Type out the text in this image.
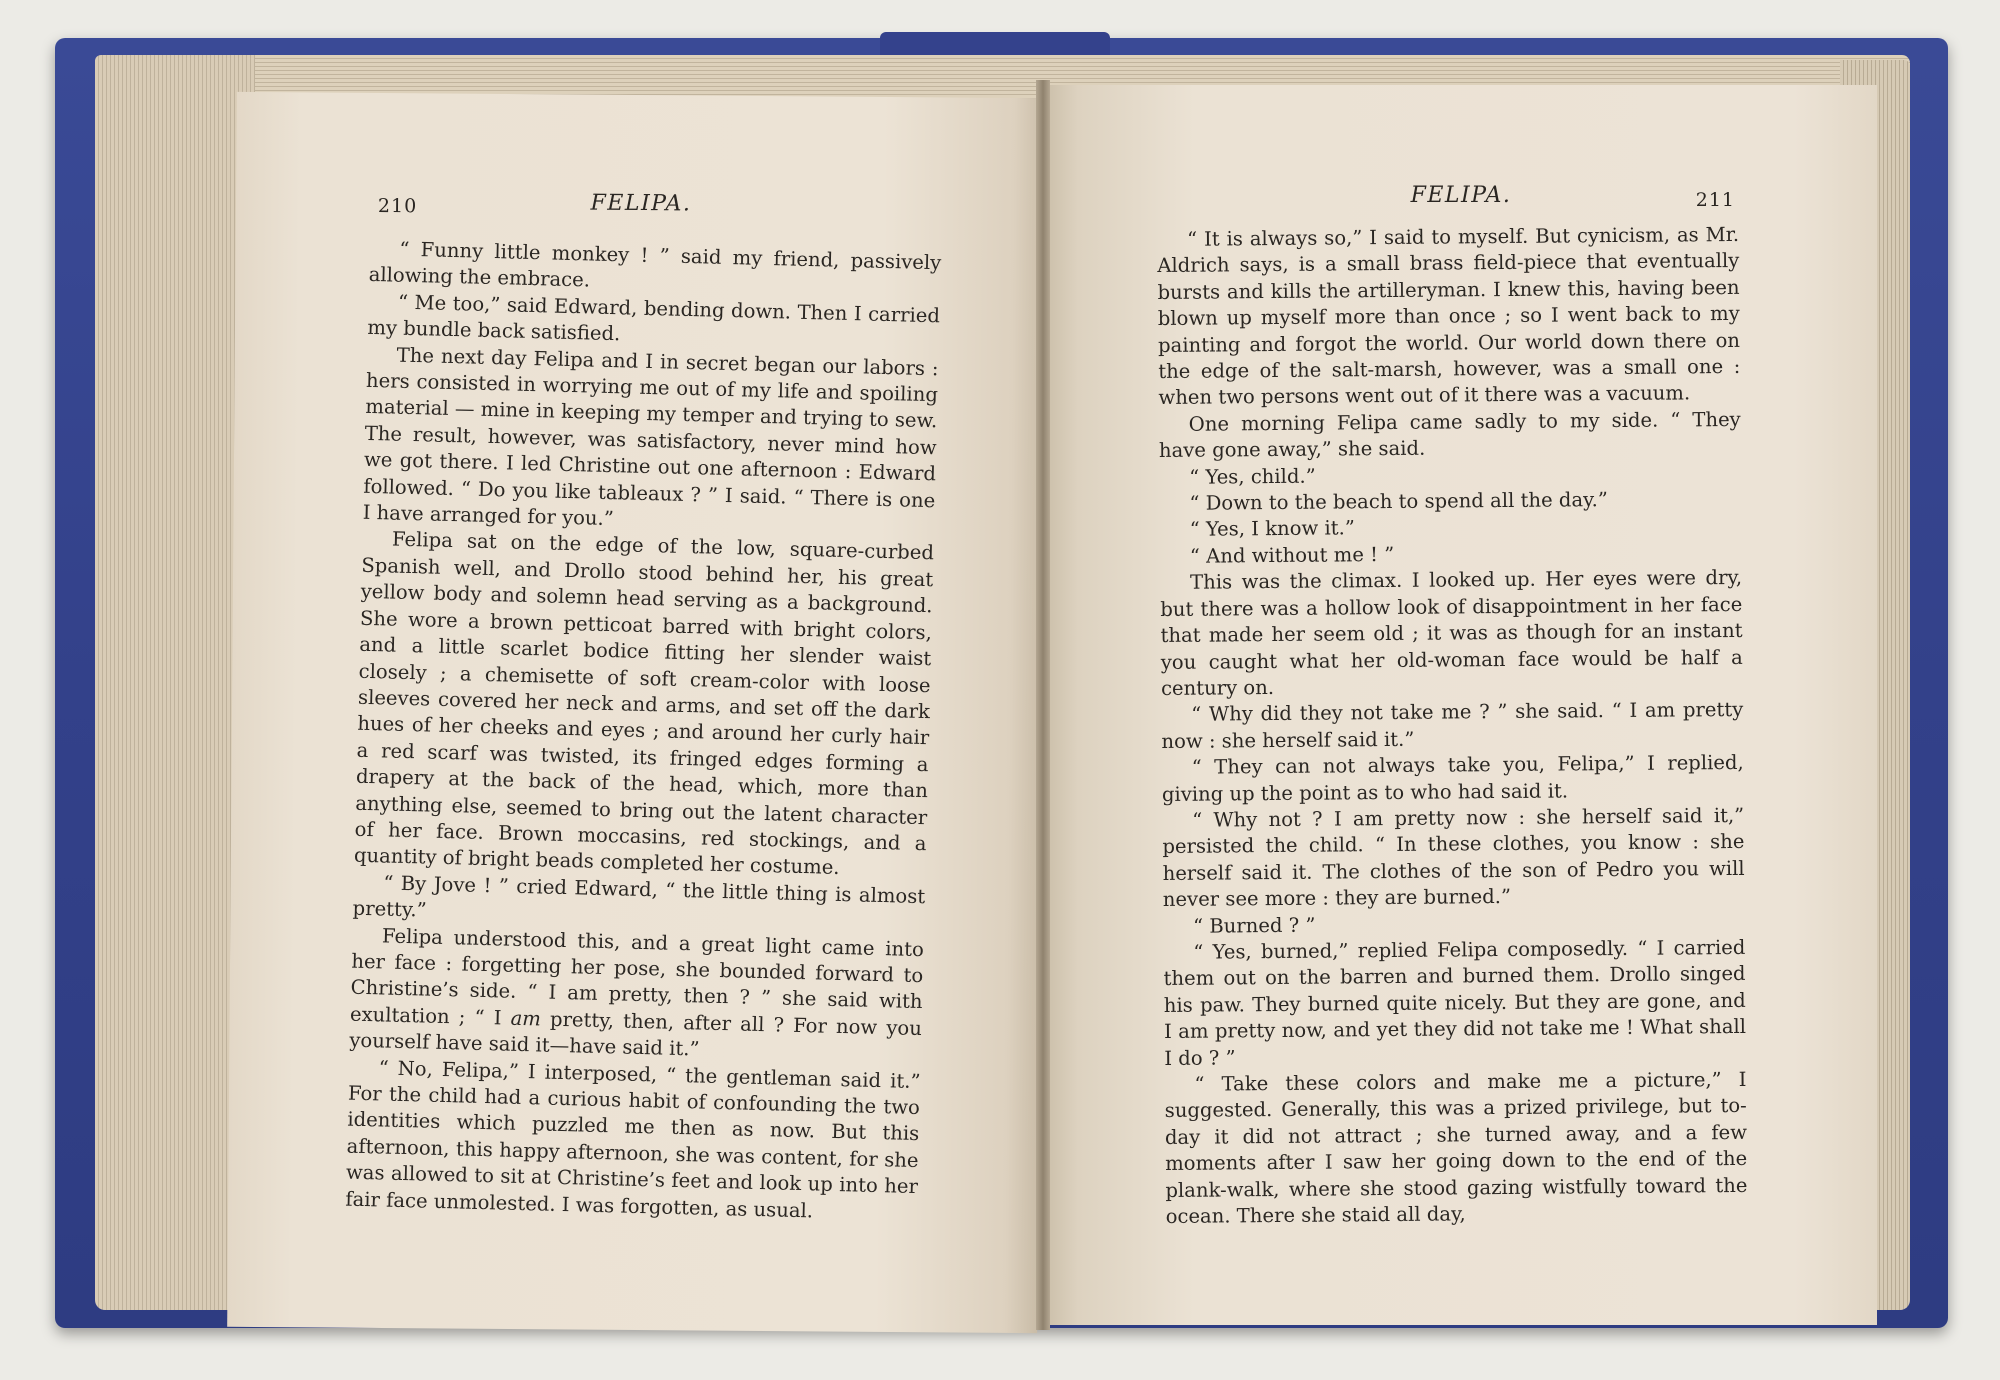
210	FELIPA.

“ Funny little monkey ! ” said my friend, passively allowing the embrace.

“ Me too,” said Edward, bending down. Then I carried my bundle back satisfied.

The next day Felipa and I in secret began our labors : hers consisted in worrying me out of my life and spoiling material — mine in keeping my temper and trying to sew. The result, however, was satisfactory, never mind how we got there. I led Christine out one afternoon : Edward followed. “ Do you like tableaux ? ” I said. “ There is one I have arranged for you.”

Felipa sat on the edge of the low, square-curbed Spanish well, and Drollo stood behind her, his great yellow body and solemn head serving as a background. She wore a brown petticoat barred with bright colors, and a little scarlet bodice fitting her slender waist closely ; a chemisette of soft cream-color with loose sleeves covered her neck and arms, and set off the dark hues of her cheeks and eyes ; and around her curly hair a red scarf was twisted, its fringed edges forming a drapery at the back of the head, which, more than anything else, seemed to bring out the latent character of her face. Brown moccasins, red stockings, and a quantity of bright beads completed her costume.

“ By Jove ! ” cried Edward, “ the little thing is almost pretty.”

Felipa understood this, and a great light came into her face : forgetting her pose, she bounded forward to Christine’s side. “ I am pretty, then ? ” she said with exultation ; “ I am pretty, then, after all ? For now you yourself have said it—have said it.”

“ No, Felipa,” I interposed, “ the gentleman said it.” For the child had a curious habit of confounding the two identities which puzzled me then as now. But this afternoon, this happy afternoon, she was content, for she was allowed to sit at Christine’s feet and look up into her fair face unmolested. I was forgotten, as usual.

FELIPA.	211

“ It is always so,” I said to myself. But cynicism, as Mr. Aldrich says, is a small brass field-piece that eventually bursts and kills the artilleryman. I knew this, having been blown up myself more than once ; so I went back to my painting and forgot the world. Our world down there on the edge of the salt-marsh, however, was a small one : when two persons went out of it there was a vacuum.

One morning Felipa came sadly to my side. “ They have gone away,” she said.

“ Yes, child.”

“ Down to the beach to spend all the day.”

“ Yes, I know it.”

“ And without me ! ”

This was the climax. I looked up. Her eyes were dry, but there was a hollow look of disappointment in her face that made her seem old ; it was as though for an instant you caught what her old-woman face would be half a century on.

“ Why did they not take me ? ” she said. “ I am pretty now : she herself said it.”

“ They can not always take you, Felipa,” I replied, giving up the point as to who had said it.

“ Why not ? I am pretty now : she herself said it,” persisted the child. “ In these clothes, you know : she herself said it. The clothes of the son of Pedro you will never see more : they are burned.”

“ Burned ? ”

“ Yes, burned,” replied Felipa composedly. “ I carried them out on the barren and burned them. Drollo singed his paw. They burned quite nicely. But they are gone, and I am pretty now, and yet they did not take me ! What shall I do ? ”

“ Take these colors and make me a picture,” I suggested. Generally, this was a prized privilege, but to-day it did not attract ; she turned away, and a few moments after I saw her going down to the end of the plank-walk, where she stood gazing wistfully toward the ocean. There she staid all day,
